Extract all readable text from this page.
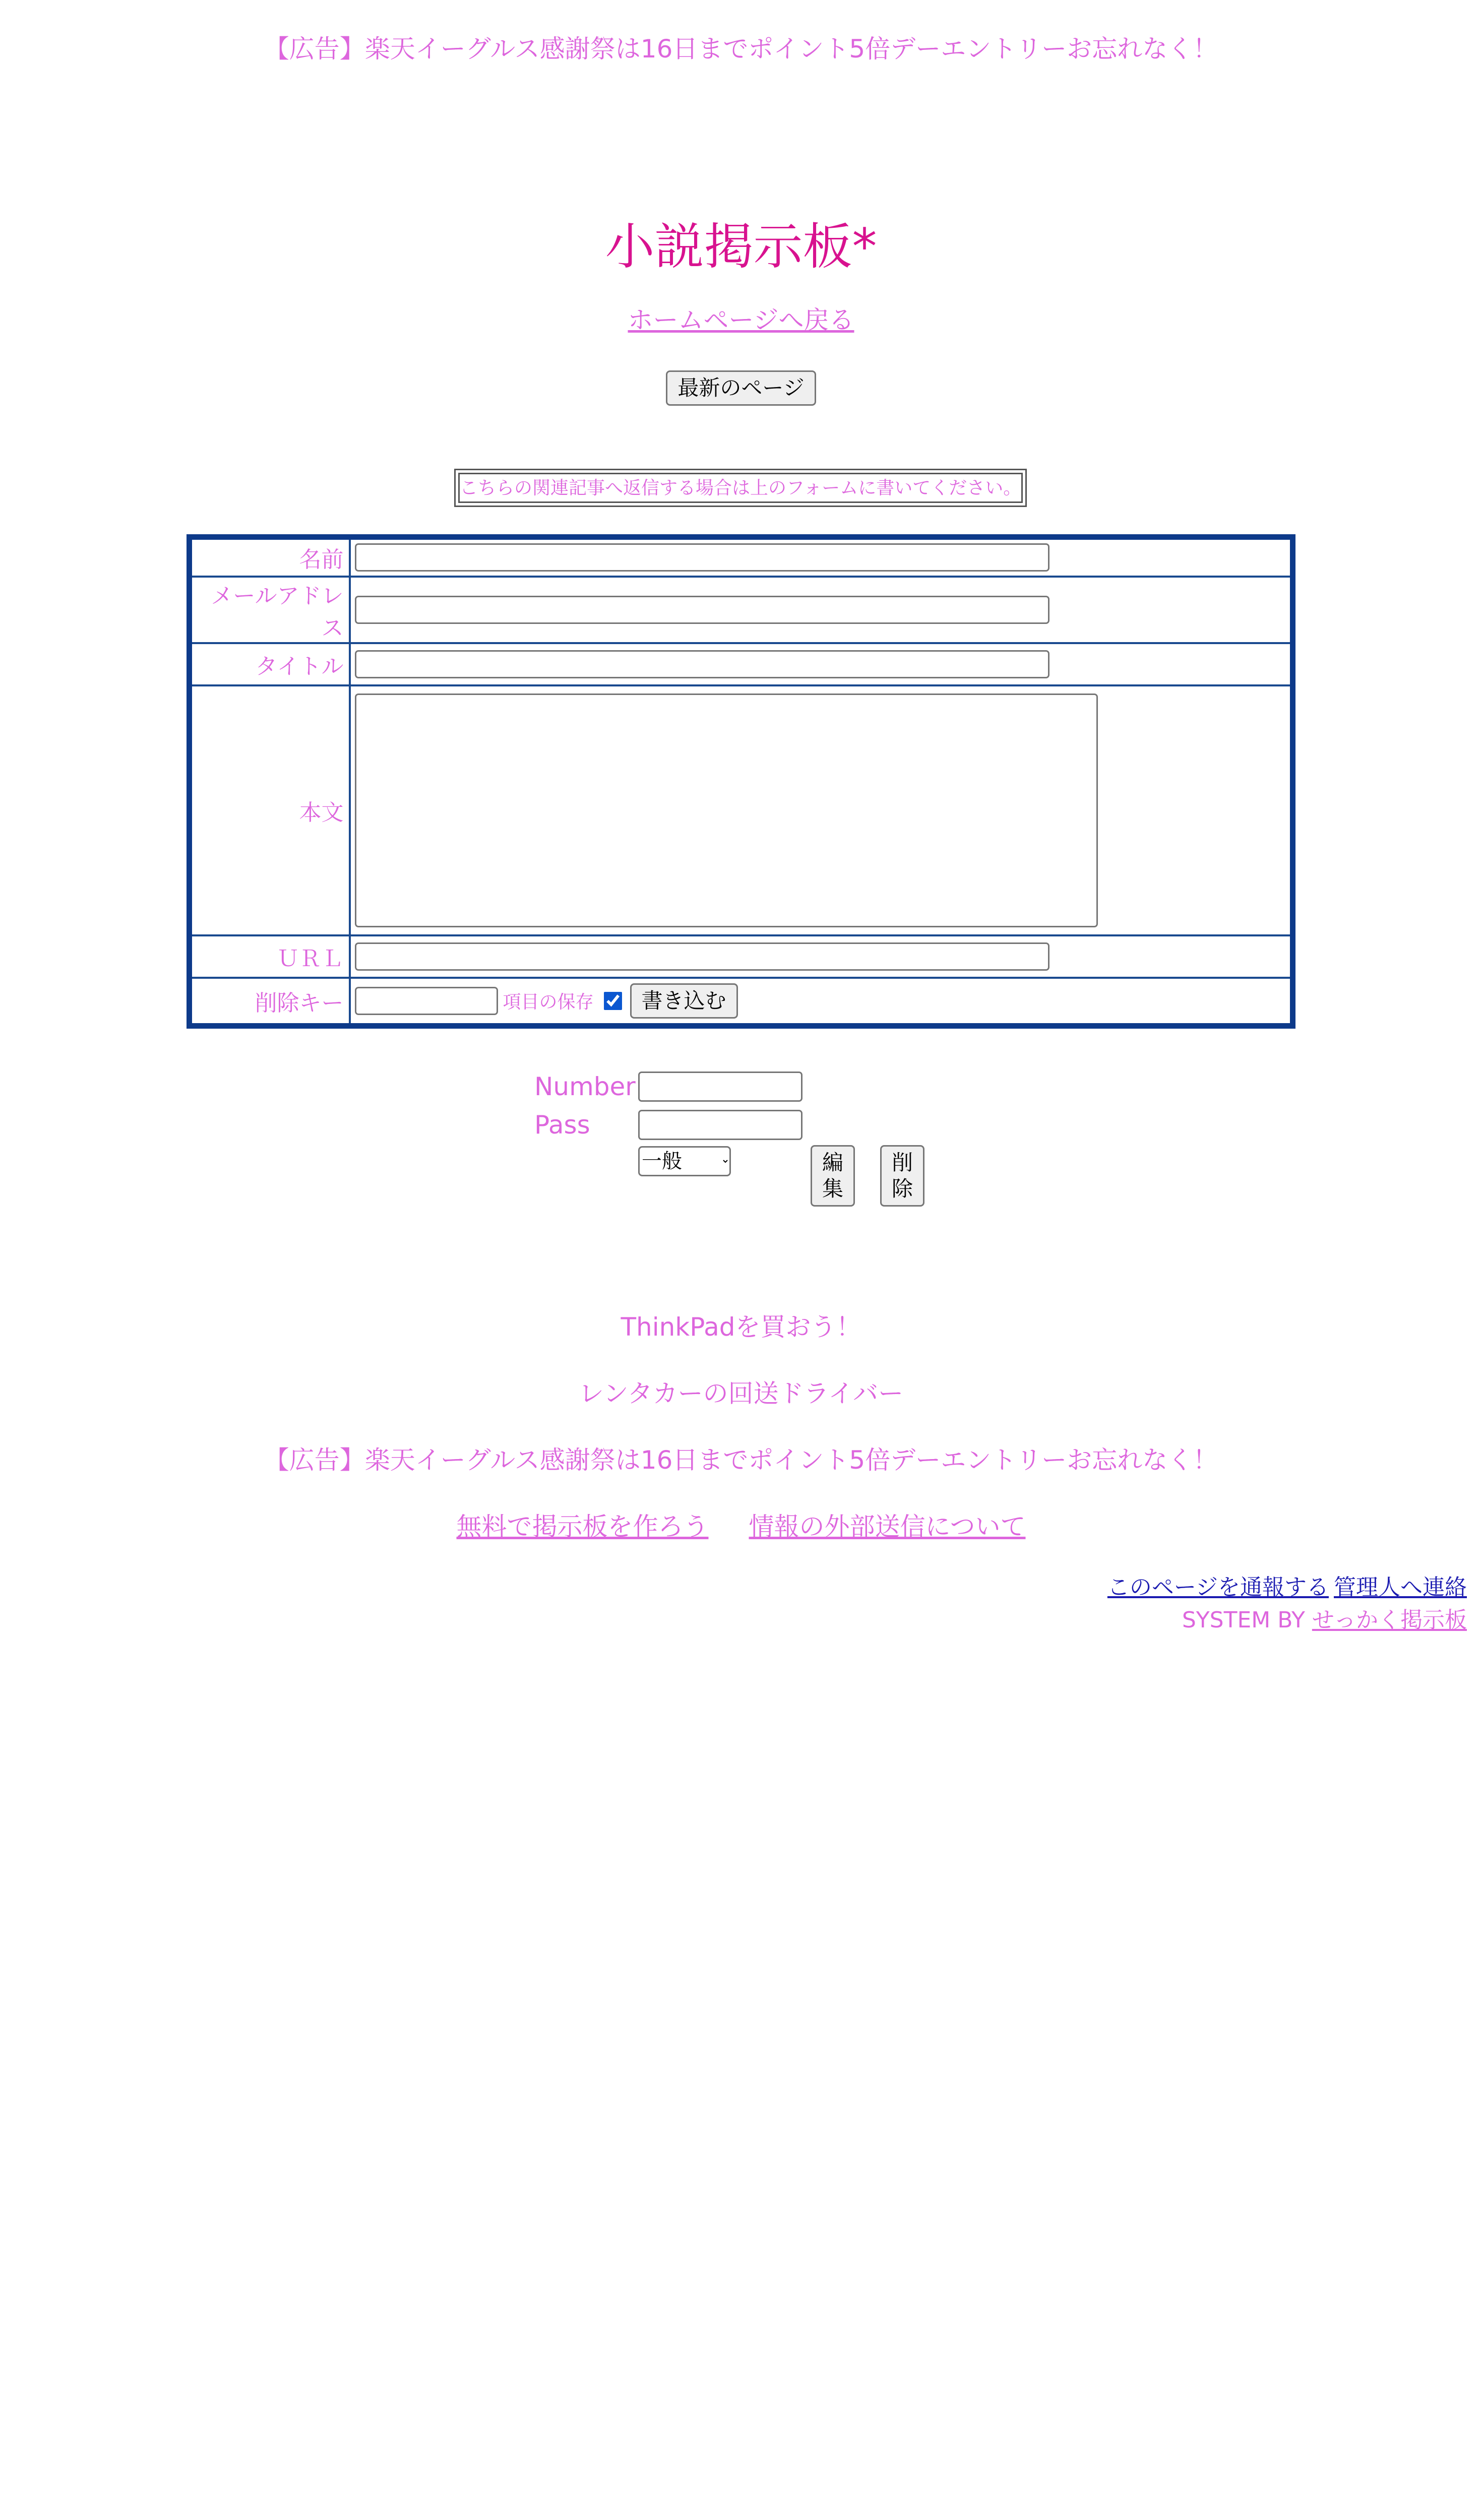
【広告】楽天イーグルス感謝祭は16日までポイント5倍デーエントリーお忘れなく！
小説掲示板*
ホームページへ戻る
最新のページ
こちらの関連記事へ返信する場合は上のフォームに書いてください。
名前	
メールアドレス	
タイトル	
本文	

ＵＲＬ	
削除キー	項目の保存 書き込む
Number
Pass
一般
編集
削除
ThinkPadを買おう！
レンタカーの回送ドライバー
【広告】楽天イーグルス感謝祭は16日までポイント5倍デーエントリーお忘れなく！
無料で掲示板を作ろう 情報の外部送信について
このページを通報する 管理人へ連絡
SYSTEM BY せっかく掲示板
